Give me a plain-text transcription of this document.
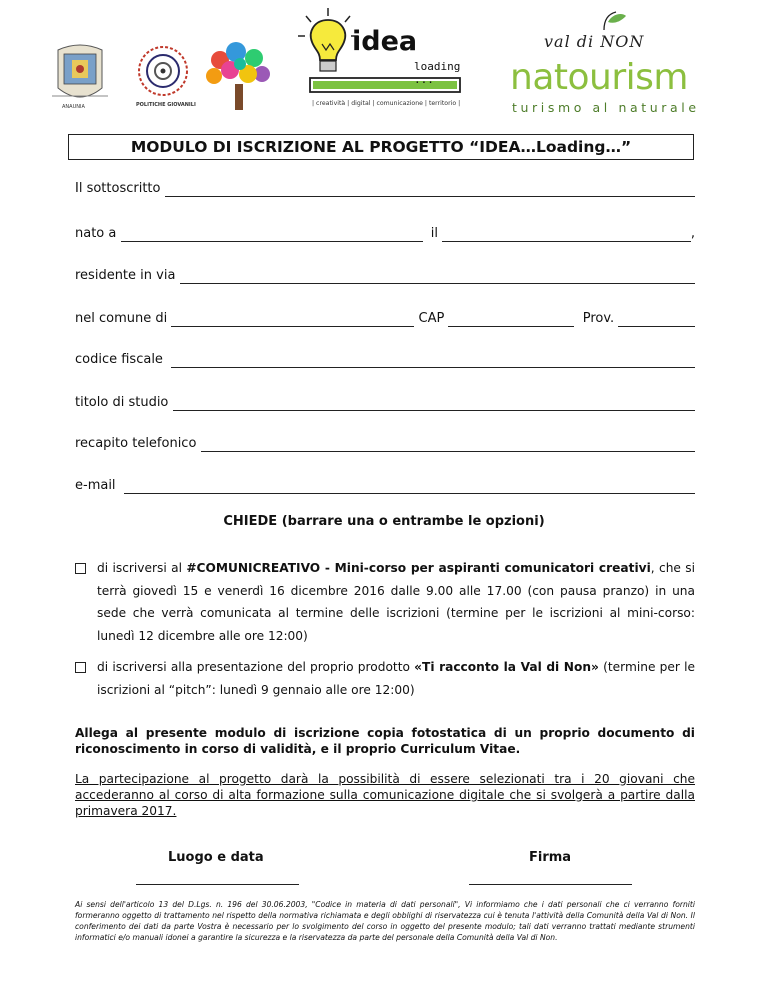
ANAUNIA	POLITICHE GIOVANILI
idea
loading ...
| creatività | digital | comunicazione | territorio |
val di NON
natourism
turismo al naturale
MODULO DI ISCRIZIONE AL PROGETTO “IDEA…Loading…”
Il sottoscritto

nato a

	il
	,
residente in via

nel comune di

	CAP

	Prov.

codice fiscale

titolo di studio

recapito telefonico

e-mail

CHIEDE (barrare una o entrambe le opzioni)
di iscriversi al #COMUNICREATIVO - Mini-corso per aspiranti comunicatori creativi, che si terrà giovedì 15 e venerdì 16 dicembre 2016 dalle 9.00 alle 17.00 (con pausa pranzo) in una sede che verrà comunicata al termine delle iscrizioni (termine per le iscrizioni al mini-corso: lunedì 12 dicembre alle ore 12:00)
di iscriversi alla presentazione del proprio prodotto «Ti racconto la Val di Non» (termine per le iscrizioni al “pitch”: lunedì 9 gennaio alle ore 12:00)
Allega al presente modulo di iscrizione copia fotostatica di un proprio documento di riconoscimento in corso di validità, e il proprio Curriculum Vitae.
La partecipazione al progetto darà la possibilità di essere selezionati tra i 20 giovani che accederanno al corso di alta formazione sulla comunicazione digitale che si svolgerà a partire dalla primavera 2017.
Luogo e data	Firma
Ai sensi dell'articolo 13 del D.Lgs. n. 196 del 30.06.2003, "Codice in materia di dati personali", Vi informiamo che i dati personali che ci verranno forniti formeranno oggetto di trattamento nel rispetto della normativa richiamata e degli obblighi di riservatezza cui è tenuta l'attività della Comunità della Val di Non. Il conferimento dei dati da parte Vostra è necessario per lo svolgimento del corso in oggetto del presente modulo; tali dati verranno trattati mediante strumenti informatici e/o manuali idonei a garantire la sicurezza e la riservatezza da parte del personale della Comunità della Val di Non.
